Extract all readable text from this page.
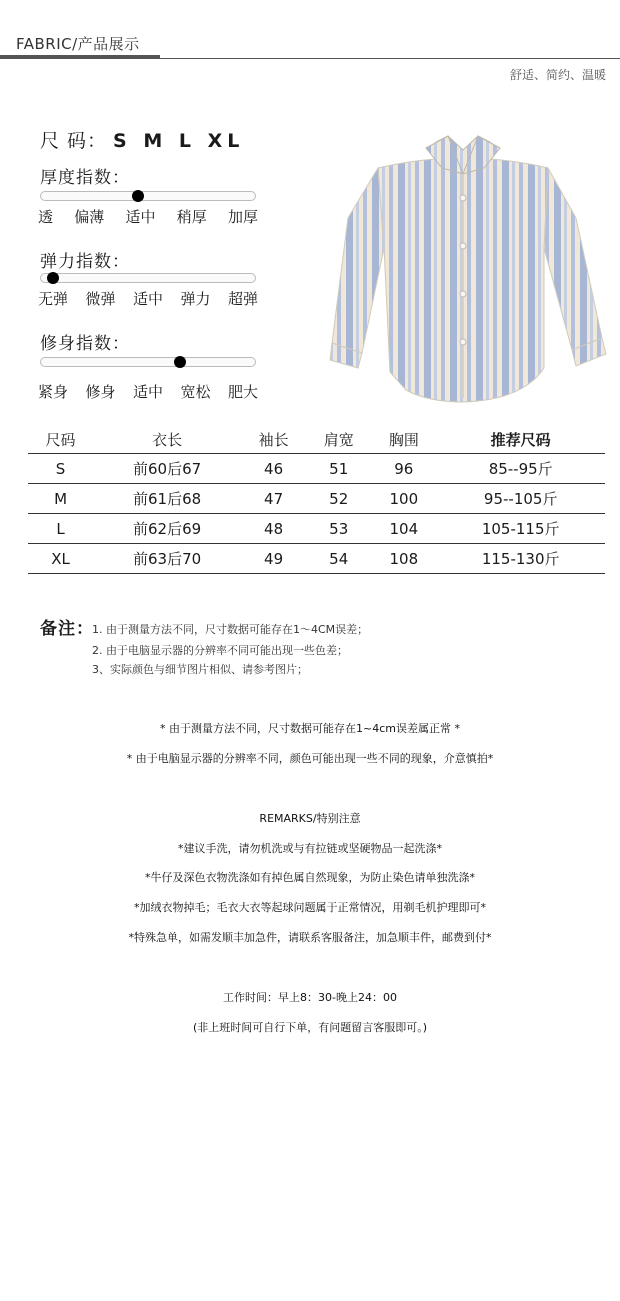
FABRIC/产品展示
舒适、简约、温暖
尺 码： S M L XL
厚度指数：
透 偏薄 适中 稍厚 加厚
弹力指数：
无弹 微弹 适中 弹力 超弹
修身指数：
紧身 修身 适中 宽松 肥大
尺码	衣长	袖长	肩宽	胸围	推荐尺码
S	前60后67	46	51	96	85--95斤
M	前61后68	47	52	100	95--105斤
L	前62后69	48	53	104	105-115斤
XL	前63后70	49	54	108	115-130斤
备注：
1. 由于测量方法不同，尺寸数据可能存在1～4CM误差；
2. 由于电脑显示器的分辨率不同可能出现一些色差；
3、实际颜色与细节图片相似、请参考图片；
* 由于测量方法不同，尺寸数据可能存在1~4cm误差属正常 *
* 由于电脑显示器的分辨率不同，颜色可能出现一些不同的现象，介意慎拍*
REMARKS/特别注意
*建议手洗，请勿机洗或与有拉链或坚硬物品一起洗涤*
*牛仔及深色衣物洗涤如有掉色属自然现象，为防止染色请单独洗涤*
*加绒衣物掉毛；毛衣大衣等起球问题属于正常情况，用剃毛机护理即可*
*特殊急单，如需发顺丰加急件，请联系客服备注，加急顺丰件，邮费到付*
工作时间：早上8：30-晚上24：00
(非上班时间可自行下单，有问题留言客服即可。)
